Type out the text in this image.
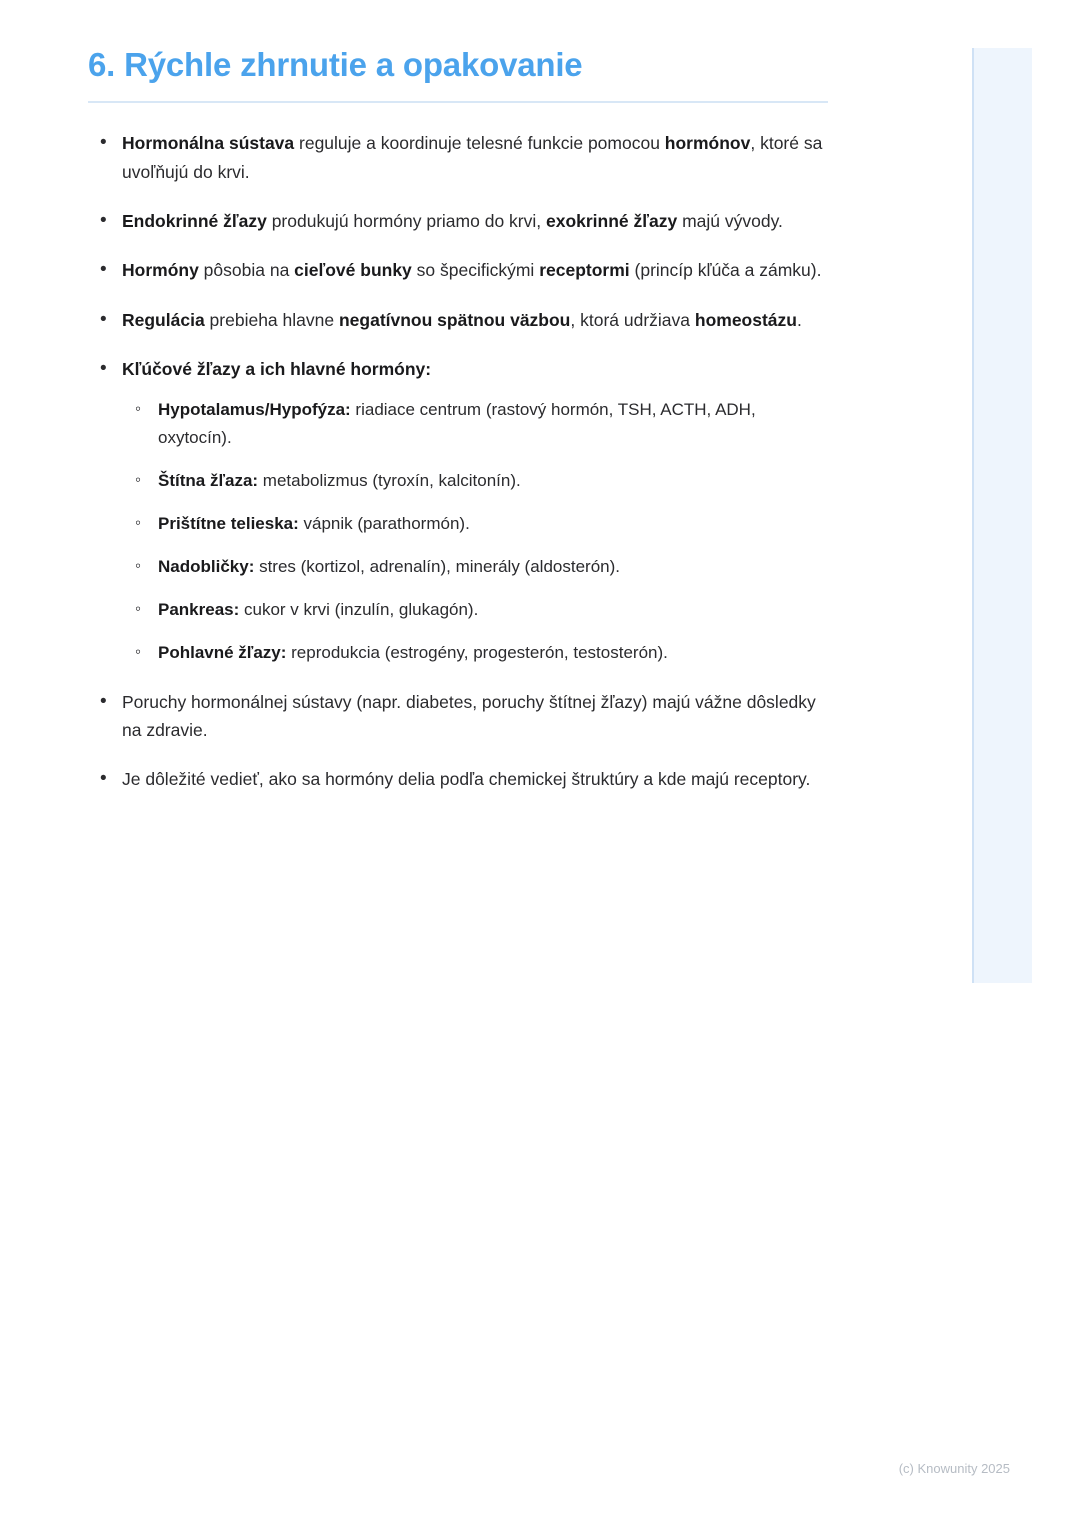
6. Rýchle zhrnutie a opakovanie
• Hormonálna sústava reguluje a koordinuje telesné funkcie pomocou hormónov, ktoré sa uvoľňujú do krvi.
• Endokrinné žľazy produkujú hormóny priamo do krvi, exokrinné žľazy majú vývody.
• Hormóny pôsobia na cieľové bunky so špecifickými receptormi (princíp kľúča a zámku).
• Regulácia prebieha hlavne negatívnou spätnou väzbou, ktorá udržiava homeostázu.
• Kľúčové žľazy a ich hlavné hormóny:
◦ Hypotalamus/Hypofýza: riadiace centrum (rastový hormón, TSH, ACTH, ADH, oxytocín).
◦ Štítna žľaza: metabolizmus (tyroxín, kalcitonín).
◦ Prištítne telieska: vápnik (parathormón).
◦ Nadobličky: stres (kortizol, adrenalín), minerály (aldosterón).
◦ Pankreas: cukor v krvi (inzulín, glukagón).
◦ Pohlavné žľazy: reprodukcia (estrogény, progesterón, testosterón).
• Poruchy hormonálnej sústavy (napr. diabetes, poruchy štítnej žľazy) majú vážne dôsledky na zdravie.
• Je dôležité vedieť, ako sa hormóny delia podľa chemickej štruktúry a kde majú receptory.
(c) Knowunity 2025
